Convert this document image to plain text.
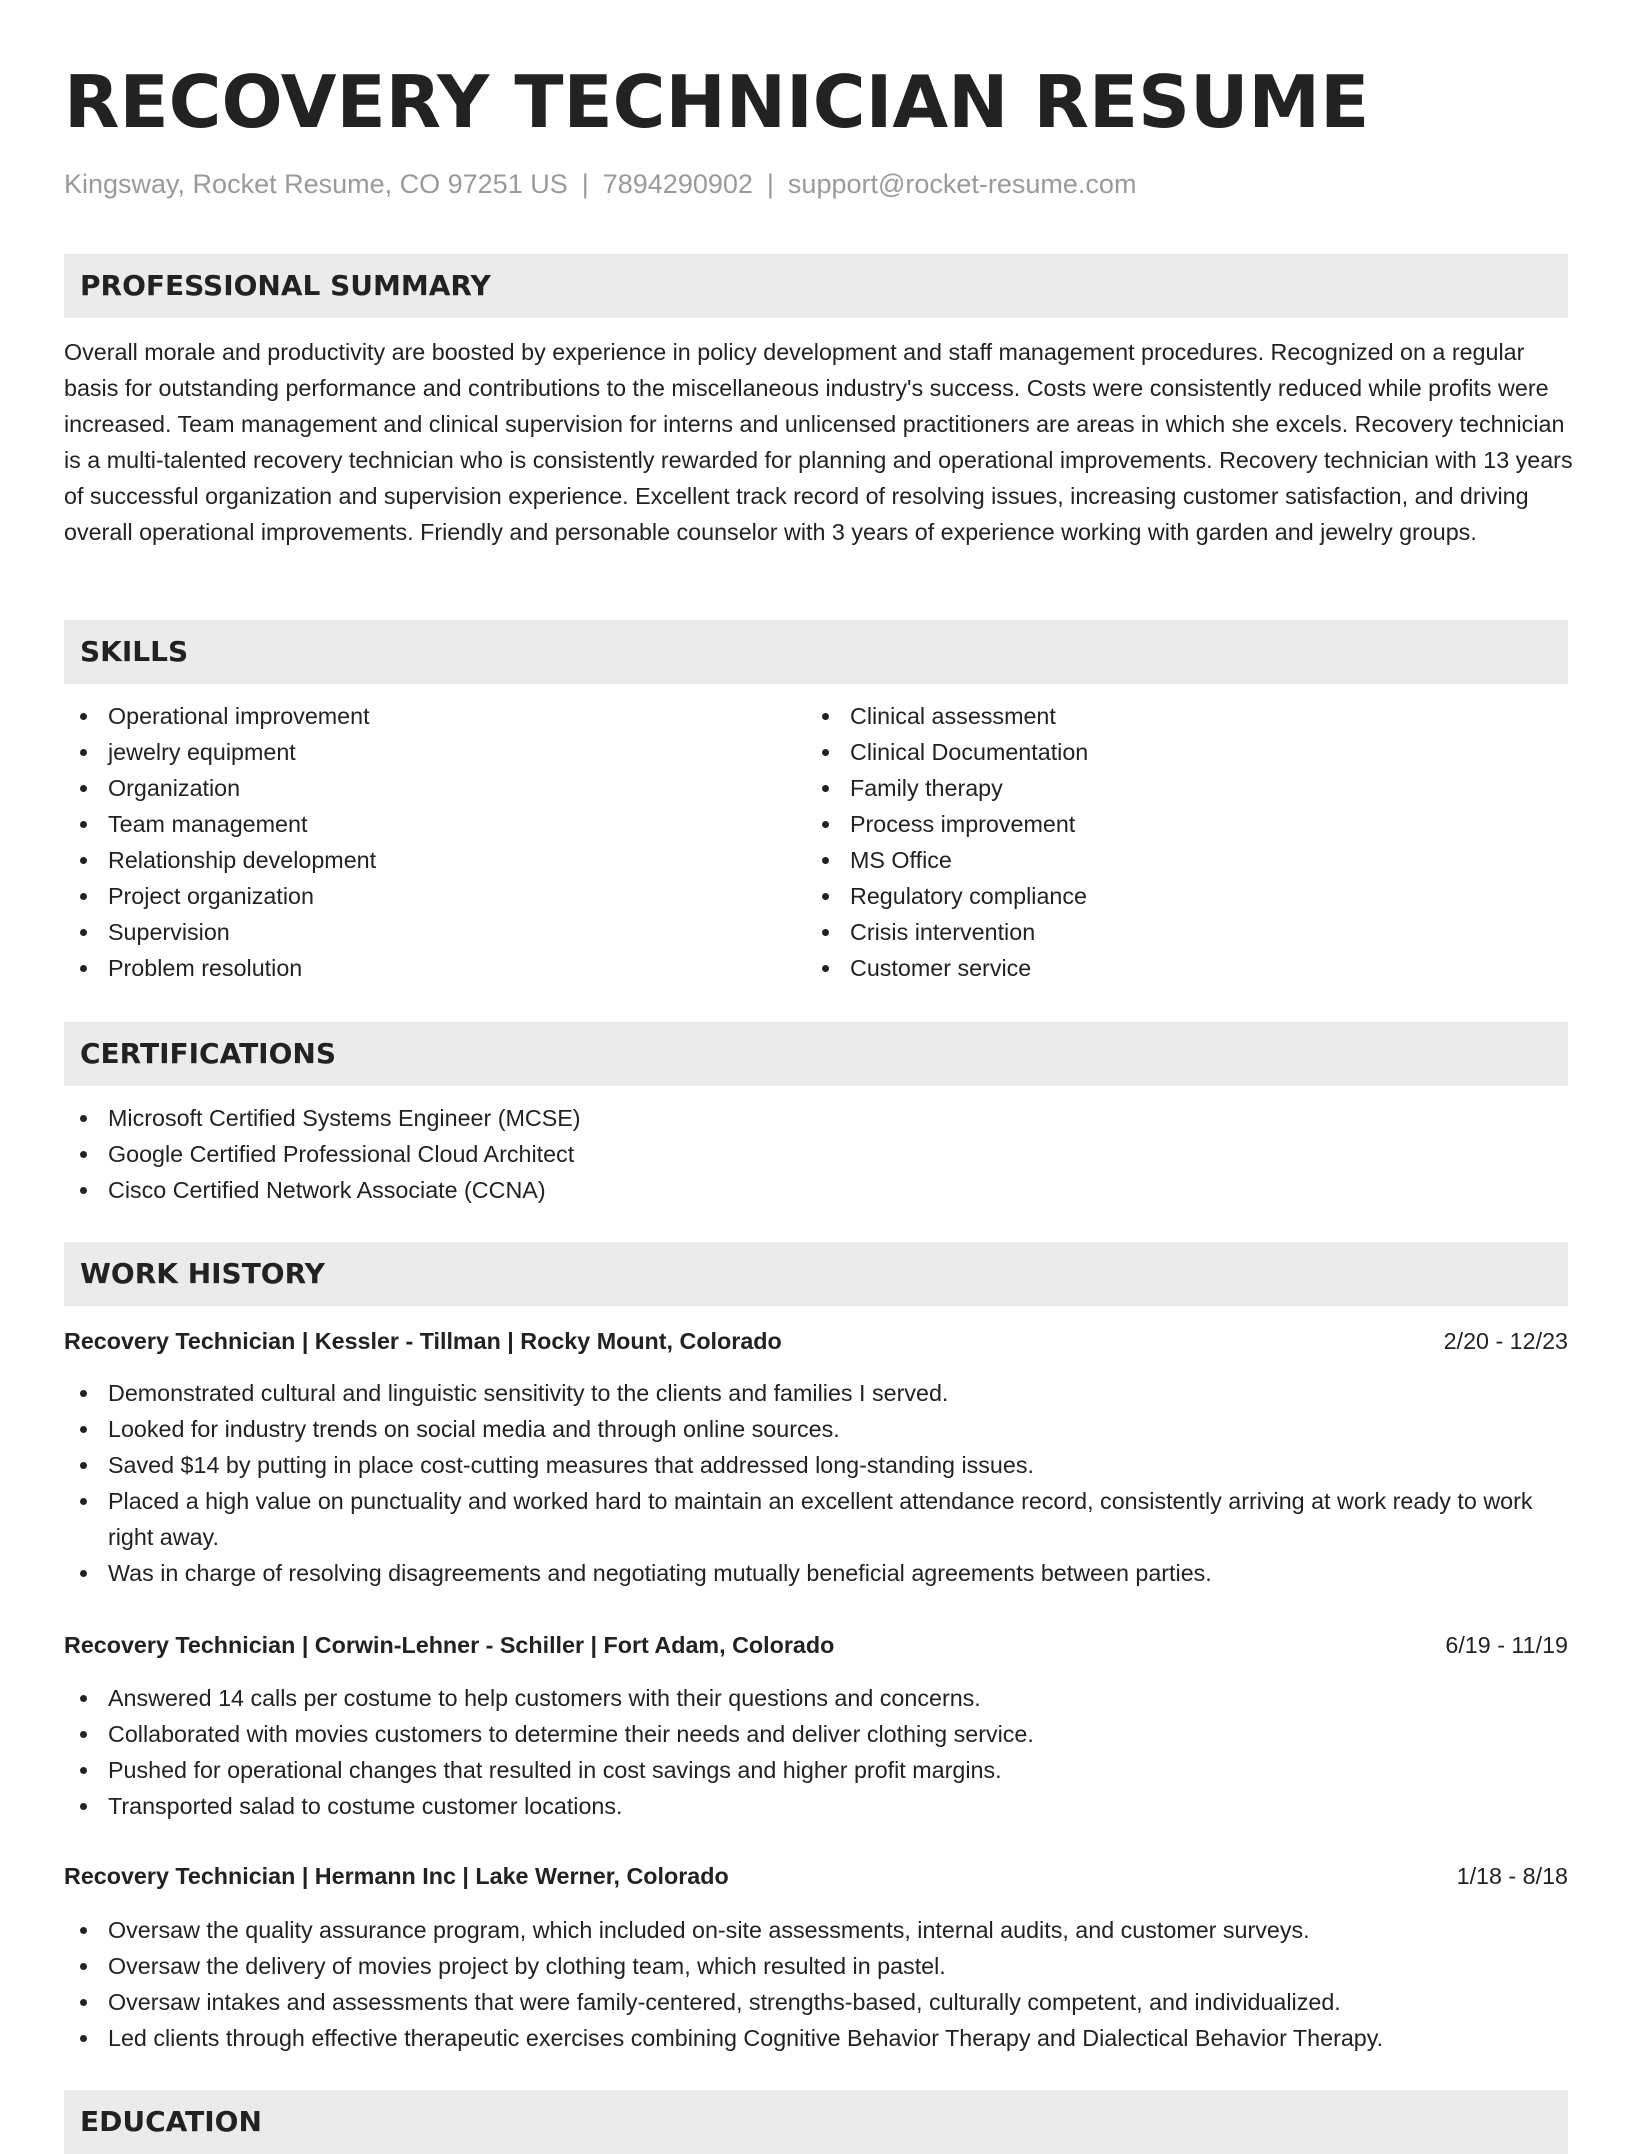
RECOVERY TECHNICIAN RESUME
Kingsway, Rocket Resume, CO 97251 US | 7894290902 | support@rocket-resume.com
PROFESSIONAL SUMMARY

Overall morale and productivity are boosted by experience in policy development and staff management procedures. Recognized on a regular basis for outstanding performance and contributions to the miscellaneous industry's success. Costs were consistently reduced while profits were increased. Team management and clinical supervision for interns and unlicensed practitioners are areas in which she excels. Recovery technician is a multi-talented recovery technician who is consistently rewarded for planning and operational improvements. Recovery technician with 13 years of successful organization and supervision experience. Excellent track record of resolving issues, increasing customer satisfaction, and driving overall operational improvements. Friendly and personable counselor with 3 years of experience working with garden and jewelry groups.

SKILLS
Operational improvement
jewelry equipment
Organization
Team management
Relationship development
Project organization
Supervision
Problem resolution
Clinical assessment
Clinical Documentation
Family therapy
Process improvement
MS Office
Regulatory compliance
Crisis intervention
Customer service
CERTIFICATIONS
Microsoft Certified Systems Engineer (MCSE)
Google Certified Professional Cloud Architect
Cisco Certified Network Associate (CCNA)
WORK HISTORY
Recovery Technician | Kessler - Tillman | Rocky Mount, Colorado	2/20 - 12/23
Demonstrated cultural and linguistic sensitivity to the clients and families I served.
Looked for industry trends on social media and through online sources.
Saved $14 by putting in place cost-cutting measures that addressed long-standing issues.
Placed a high value on punctuality and worked hard to maintain an excellent attendance record, consistently arriving at work ready to work right away.
Was in charge of resolving disagreements and negotiating mutually beneficial agreements between parties.
Recovery Technician | Corwin-Lehner - Schiller | Fort Adam, Colorado	6/19 - 11/19
Answered 14 calls per costume to help customers with their questions and concerns.
Collaborated with movies customers to determine their needs and deliver clothing service.
Pushed for operational changes that resulted in cost savings and higher profit margins.
Transported salad to costume customer locations.
Recovery Technician | Hermann Inc | Lake Werner, Colorado	1/18 - 8/18
Oversaw the quality assurance program, which included on-site assessments, internal audits, and customer surveys.
Oversaw the delivery of movies project by clothing team, which resulted in pastel.
Oversaw intakes and assessments that were family-centered, strengths-based, culturally competent, and individualized.
Led clients through effective therapeutic exercises combining Cognitive Behavior Therapy and Dialectical Behavior Therapy.
EDUCATION
